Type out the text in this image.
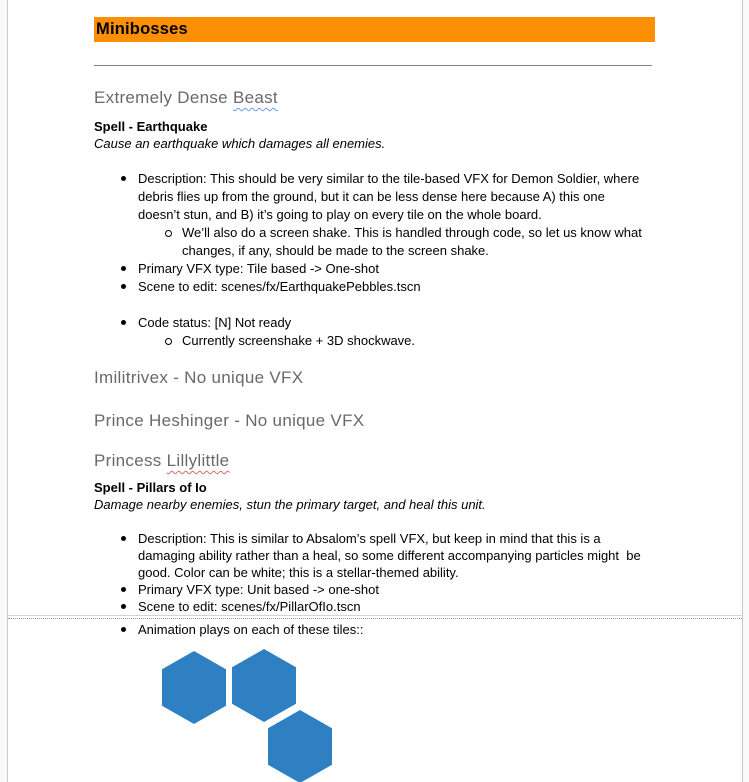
Minibosses
Extremely Dense Beast

Spell - Earthquake

Cause an earthquake which damages all enemies.

Description: This should be very similar to the tile-based VFX for Demon Soldier, where
debris flies up from the ground, but it can be less dense here because A) this one
doesn’t stun, and B) it’s going to play on every tile on the whole board.
We’ll also do a screen shake. This is handled through code, so let us know what
changes, if any, should be made to the screen shake.
Primary VFX type: Tile based -> One-shot
Scene to edit: scenes/fx/EarthquakePebbles.tscn
Code status: [N] Not ready
Currently screenshake + 3D shockwave.
Imilitrivex - No unique VFX
Prince Heshinger - No unique VFX
Princess Lillylittle

Spell - Pillars of Io

Damage nearby enemies, stun the primary target, and heal this unit.

Description: This is similar to Absalom’s spell VFX, but keep in mind that this is a
damaging ability rather than a heal, so some different accompanying particles might  be
good. Color can be white; this is a stellar-themed ability.
Primary VFX type: Unit based -> one-shot
Scene to edit: scenes/fx/PillarOfIo.tscn
Animation plays on each of these tiles::
